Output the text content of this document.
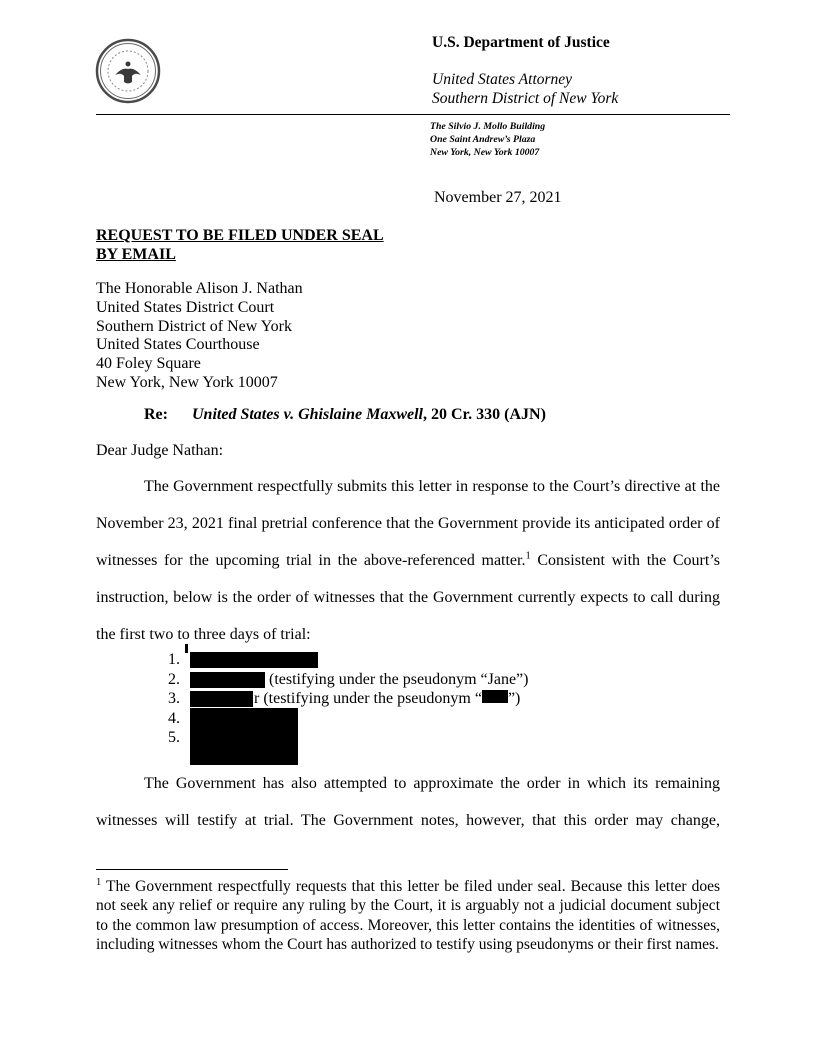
U.S. Department of Justice
United States Attorney
Southern District of New York
The Silvio J. Mollo Building
One Saint Andrew’s Plaza
New York, New York 10007
November 27, 2021
REQUEST TO BE FILED UNDER SEAL
BY EMAIL
The Honorable Alison J. Nathan
United States District Court
Southern District of New York
United States Courthouse
40 Foley Square
New York, New York 10007
Re: United States v. Ghislaine Maxwell, 20 Cr. 330 (AJN)
Dear Judge Nathan:

The Government respectfully submits this letter in response to the Court’s directive at the November 23, 2021 final pretrial conference that the Government provide its anticipated order of witnesses for the upcoming trial in the above-referenced matter.$^1$ Consistent with the Court’s instruction, below is the order of witnesses that the Government currently expects to call during the first two to three days of trial:

1.
2.	(testifying under the pseudonym “Jane”)
3.	r (testifying under the pseudonym “ ”)
4.
5.

The Government has also attempted to approximate the order in which its remaining witnesses will testify at trial. The Government notes, however, that this order may change,

$^1$ The Government respectfully requests that this letter be filed under seal. Because this letter does not seek any relief or require any ruling by the Court, it is arguably not a judicial document subject to the common law presumption of access. Moreover, this letter contains the identities of witnesses, including witnesses whom the Court has authorized to testify using pseudonyms or their first names.
